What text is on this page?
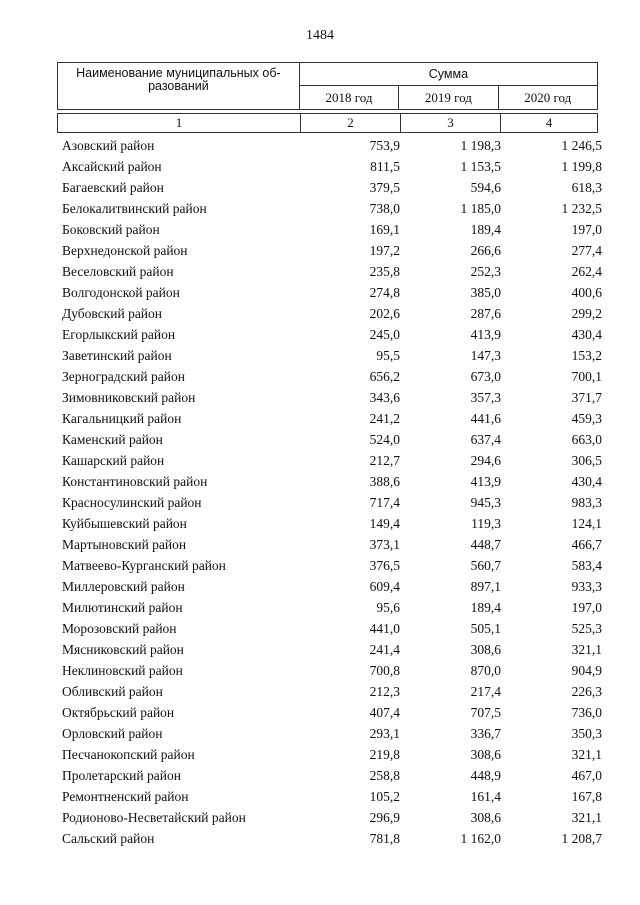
1484
Наименование муниципальных об-разований	Сумма		
	2018 год	2019 год	2020 год
1	2	3	4
Азовский район	753,9	1 198,3	1 246,5
Аксайский район	811,5	1 153,5	1 199,8
Багаевский район	379,5	594,6	618,3
Белокалитвинский район	738,0	1 185,0	1 232,5
Боковский район	169,1	189,4	197,0
Верхнедонской район	197,2	266,6	277,4
Веселовский район	235,8	252,3	262,4
Волгодонской район	274,8	385,0	400,6
Дубовский район	202,6	287,6	299,2
Егорлыкский район	245,0	413,9	430,4
Заветинский район	95,5	147,3	153,2
Зерноградский район	656,2	673,0	700,1
Зимовниковский район	343,6	357,3	371,7
Кагальницкий район	241,2	441,6	459,3
Каменский район	524,0	637,4	663,0
Кашарский район	212,7	294,6	306,5
Константиновский район	388,6	413,9	430,4
Красносулинский район	717,4	945,3	983,3
Куйбышевский район	149,4	119,3	124,1
Мартыновский район	373,1	448,7	466,7
Матвеево-Курганский район	376,5	560,7	583,4
Миллеровский район	609,4	897,1	933,3
Милютинский район	95,6	189,4	197,0
Морозовский район	441,0	505,1	525,3
Мясниковский район	241,4	308,6	321,1
Неклиновский район	700,8	870,0	904,9
Обливский район	212,3	217,4	226,3
Октябрьский район	407,4	707,5	736,0
Орловский район	293,1	336,7	350,3
Песчанокопский район	219,8	308,6	321,1
Пролетарский район	258,8	448,9	467,0
Ремонтненский район	105,2	161,4	167,8
Родионово-Несветайский район	296,9	308,6	321,1
Сальский район	781,8	1 162,0	1 208,7
